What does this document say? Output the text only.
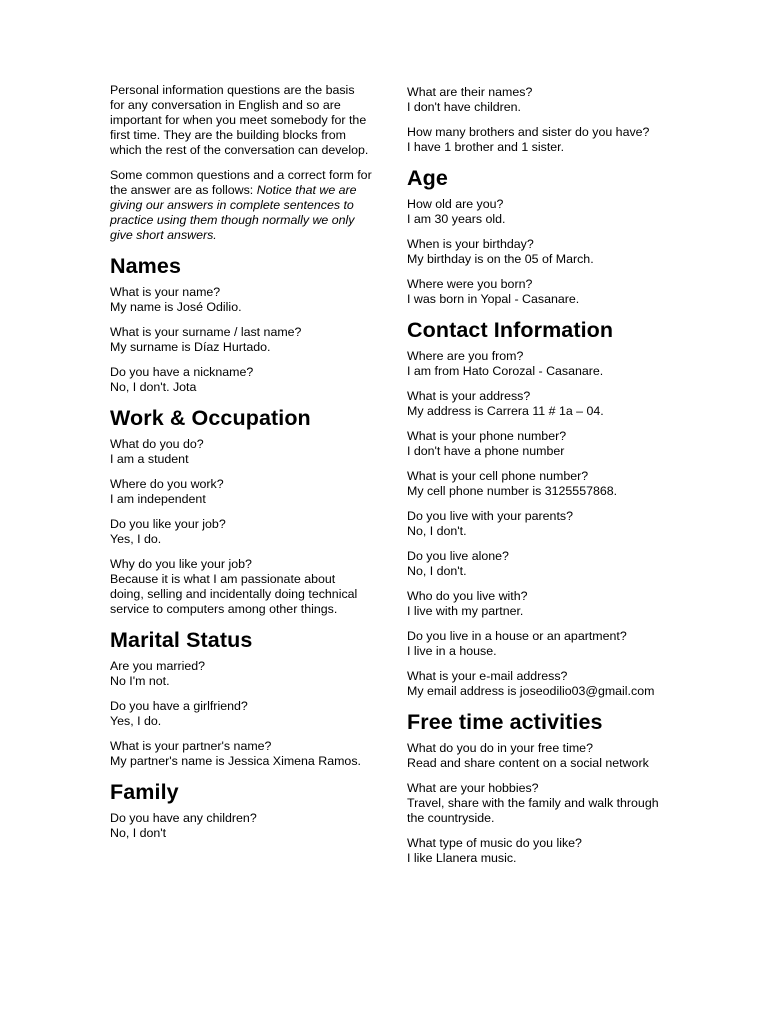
Personal information questions are the basis for any conversation in English and so are important for when you meet somebody for the first time. They are the building blocks from which the rest of the conversation can develop.

Some common questions and a correct form for the answer are as follows: Notice that we are giving our answers in complete sentences to practice using them though normally we only give short answers.

Names
What is your name?
My name is José Odilio.
What is your surname / last name?
My surname is Díaz Hurtado.
Do you have a nickname?
No, I don't. Jota
Work & Occupation
What do you do?
I am a student
Where do you work?
I am independent
Do you like your job?
Yes, I do.
Why do you like your job?
Because it is what I am passionate about doing, selling and incidentally doing technical service to computers among other things.
Marital Status
Are you married?
No I'm not.
Do you have a girlfriend?
Yes, I do.
What is your partner's name?
My partner's name is Jessica Ximena Ramos.
Family
Do you have any children?
No, I don't
What are their names?
I don't have children.
How many brothers and sister do you have?
I have 1 brother and 1 sister.
Age
How old are you?
I am 30 years old.
When is your birthday?
My birthday is on the 05 of March.
Where were you born?
I was born in Yopal - Casanare.
Contact Information
Where are you from?
I am from Hato Corozal - Casanare.
What is your address?
My address is Carrera 11 # 1a – 04.
What is your phone number?
I don't have a phone number
What is your cell phone number?
My cell phone number is 3125557868.
Do you live with your parents?
No, I don't.
Do you live alone?
No, I don't.
Who do you live with?
I live with my partner.
Do you live in a house or an apartment?
I live in a house.
What is your e-mail address?
My email address is joseodilio03@gmail.com
Free time activities
What do you do in your free time?
Read and share content on a social network
What are your hobbies?
Travel, share with the family and walk through the countryside.
What type of music do you like?
I like Llanera music.
